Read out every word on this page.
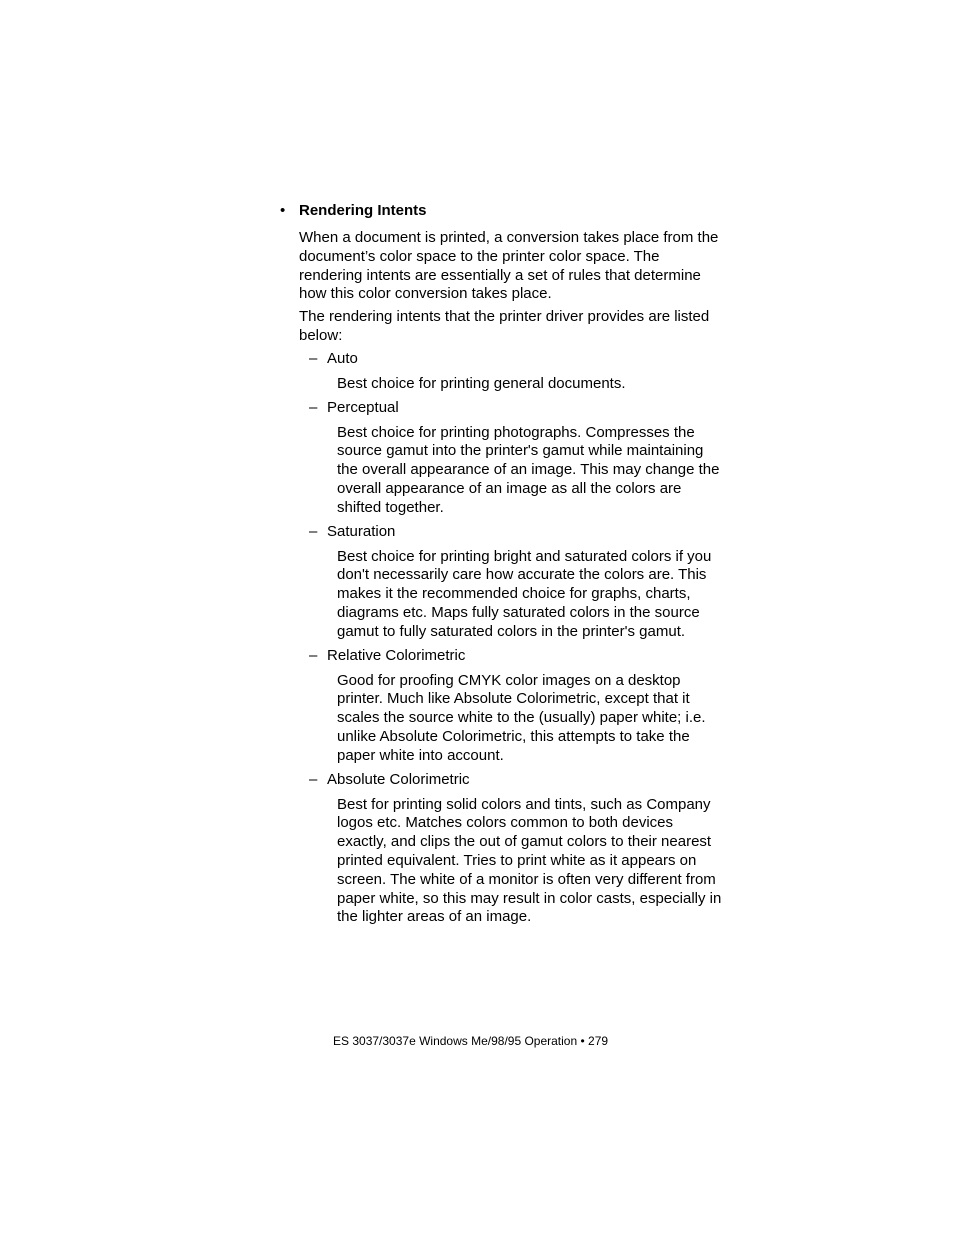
• Rendering Intents

When a document is printed, a conversion takes place from the document’s color space to the printer color space. The rendering intents are essentially a set of rules that determine how this color conversion takes place.

The rendering intents that the printer driver provides are listed below:

– Auto

Best choice for printing general documents.

– Perceptual

Best choice for printing photographs. Compresses the source gamut into the printer's gamut while maintaining the overall appearance of an image. This may change the overall appearance of an image as all the colors are shifted together.

– Saturation

Best choice for printing bright and saturated colors if you don't necessarily care how accurate the colors are. This makes it the recommended choice for graphs, charts, diagrams etc. Maps fully saturated colors in the source gamut to fully saturated colors in the printer's gamut.

– Relative Colorimetric

Good for proofing CMYK color images on a desktop printer. Much like Absolute Colorimetric, except that it scales the source white to the (usually) paper white; i.e. unlike Absolute Colorimetric, this attempts to take the paper white into account.

– Absolute Colorimetric

Best for printing solid colors and tints, such as Company logos etc. Matches colors common to both devices exactly, and clips the out of gamut colors to their nearest printed equivalent. Tries to print white as it appears on screen. The white of a monitor is often very different from paper white, so this may result in color casts, especially in the lighter areas of an image.

ES 3037/3037e Windows Me/98/95 Operation • 279
